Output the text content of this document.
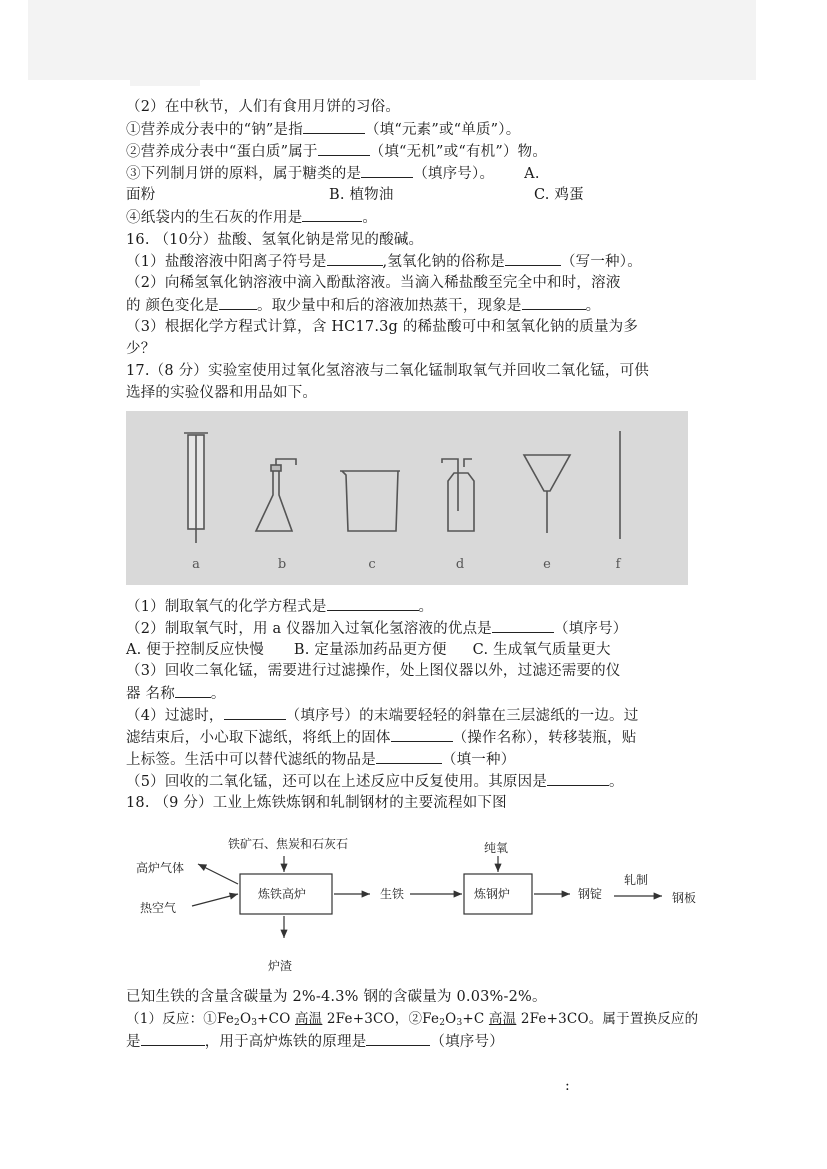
（2）在中秋节，人们有食用月饼的习俗。
①营养成分表中的“钠”是指	（填“元素”或“单质”）。
②营养成分表中“蛋白质”属于	（填“无机”或“有机”）物。
③下列制月饼的原料，属于糖类的是	（填序号）。 A.
面粉	B. 植物油	C. 鸡蛋
④纸袋内的生石灰的作用是	。
16. （10分）盐酸、氢氧化钠是常见的酸碱。
（1）盐酸溶液中阳离子符号是	,氢氧化钠的俗称是	（写一种）。
（2）向稀氢氧化钠溶液中滴入酚酞溶液。当滴入稀盐酸至完全中和时，溶液
的 颜色变化是	。取少量中和后的溶液加热蒸干，现象是	。
（3）根据化学方程式计算，含 HC17.3g 的稀盐酸可中和氢氧化钠的质量为多
少？
17.（8 分）实验室使用过氧化氢溶液与二氧化锰制取氧气并回收二氧化锰，可供
选择的实验仪器和用品如下。
a	b	c	d	e	f
（1）制取氧气的化学方程式是	。
（2）制取氧气时，用 a 仪器加入过氧化氢溶液的优点是	（填序号）
A. 便于控制反应快慢 B. 定量添加药品更方便 C. 生成氧气质量更大
（3）回收二氧化锰，需要进行过滤操作，处上图仪器以外，过滤还需要的仪
器 名称 。
（4）过滤时，	（填序号）的末端要轻轻的斜靠在三层滤纸的一边。过
滤结束后，小心取下滤纸，将纸上的固体	（操作名称），转移装瓶，贴
上标签。生活中可以替代滤纸的物品是	（填一种）
（5）回收的二氧化锰，还可以在上述反应中反复使用。其原因是	。
18. （9 分）工业上炼铁炼钢和轧制钢材的主要流程如下图
铁矿石、焦炭和石灰石
高炉气体
热空气
炼铁高炉
炉渣
生铁
纯氧
炼钢炉	钢锭
轧制
钢板
已知生铁的含量含碳量为 2%-4.3% 钢的含碳量为 0.03%-2%。
（1）反应：$①Fe_2O_3+CO$ 高温 2Fe+3CO，$②Fe_2O_3+C$ 高温 2Fe+3CO。属于置换反应的
是	，用于高炉炼铁的原理是	（填序号）
:
